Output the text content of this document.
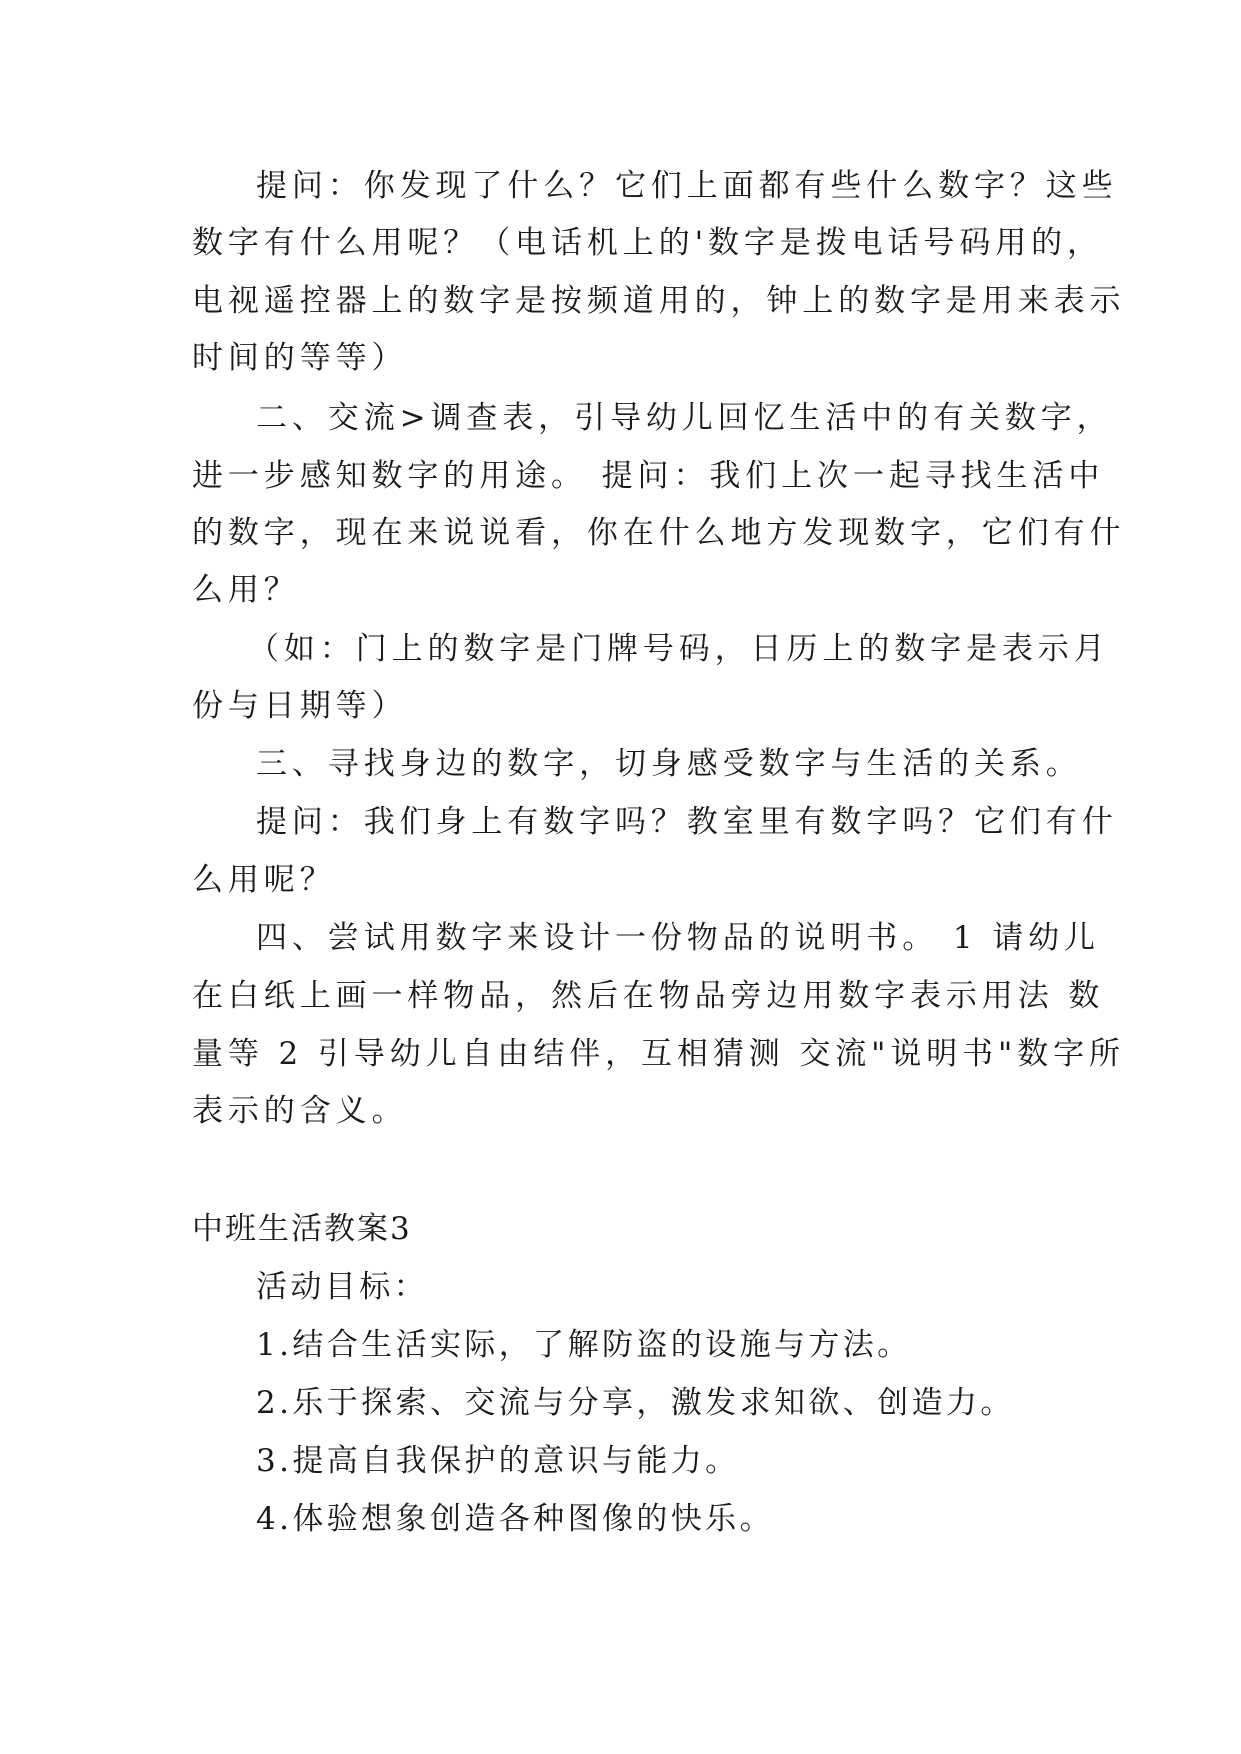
提问：你发现了什么？它们上面都有些什么数字？这些
数字有什么用呢？（电话机上的'数字是拨电话号码用的，
电视遥控器上的数字是按频道用的，钟上的数字是用来表示
时间的等等）
二、交流>调查表，引导幼儿回忆生活中的有关数字，
进一步感知数字的用途。 提问：我们上次一起寻找生活中
的数字，现在来说说看，你在什么地方发现数字，它们有什
么用？
（如：门上的数字是门牌号码，日历上的数字是表示月
份与日期等）
三、寻找身边的数字，切身感受数字与生活的关系。
提问：我们身上有数字吗？教室里有数字吗？它们有什
么用呢？
四、尝试用数字来设计一份物品的说明书。 1 请幼儿
在白纸上画一样物品，然后在物品旁边用数字表示用法 数
量等 2 引导幼儿自由结伴，互相猜测 交流"说明书"数字所
表示的含义。
中班生活教案3
活动目标：
1.结合生活实际，了解防盗的设施与方法。
2.乐于探索、交流与分享，激发求知欲、创造力。
3.提高自我保护的意识与能力。
4.体验想象创造各种图像的快乐。
